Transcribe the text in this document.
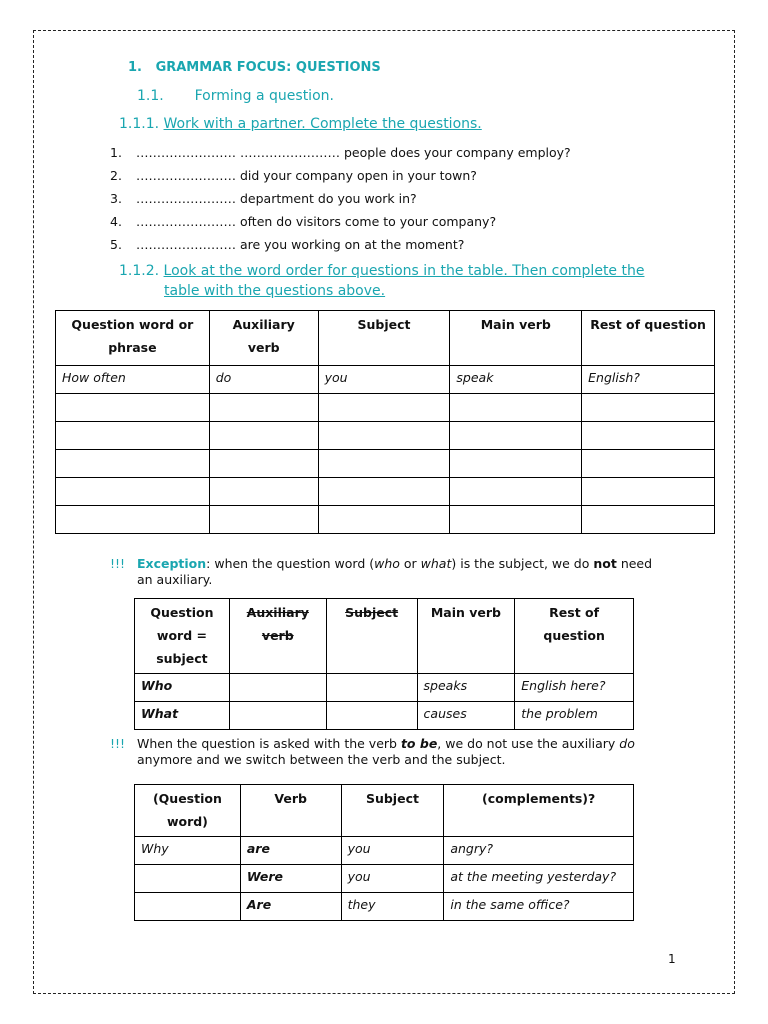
1. GRAMMAR FOCUS: QUESTIONS
1.1. Forming a question.
1.1.1. Work with a partner. Complete the questions.
1.	…………………… …………………… people does your company employ?
2.	…………………… did your company open in your town?
3.	…………………… department do you work in?
4.	…………………… often do visitors come to your company?
5.	…………………… are you working on at the moment?
1.1.2. Look at the word order for questions in the table. Then complete the
table with the questions above.
Question word or phrase	Auxiliary verb	Subject	Main verb	Rest of question
How often	do	you	speak	English?

!!! Exception: when the question word (who or what) is the subject, we do not need
an auxiliary.
Question word = subject	Auxiliary verb	Subject	Main verb	Rest of question
Who			speaks	English here?
What			causes	the problem
!!! When the question is asked with the verb to be, we do not use the auxiliary do
anymore and we switch between the verb and the subject.
(Question word)	Verb	Subject	(complements)?
Why	are	you	angry?
	Were	you	at the meeting yesterday?
	Are	they	in the same office?
1
